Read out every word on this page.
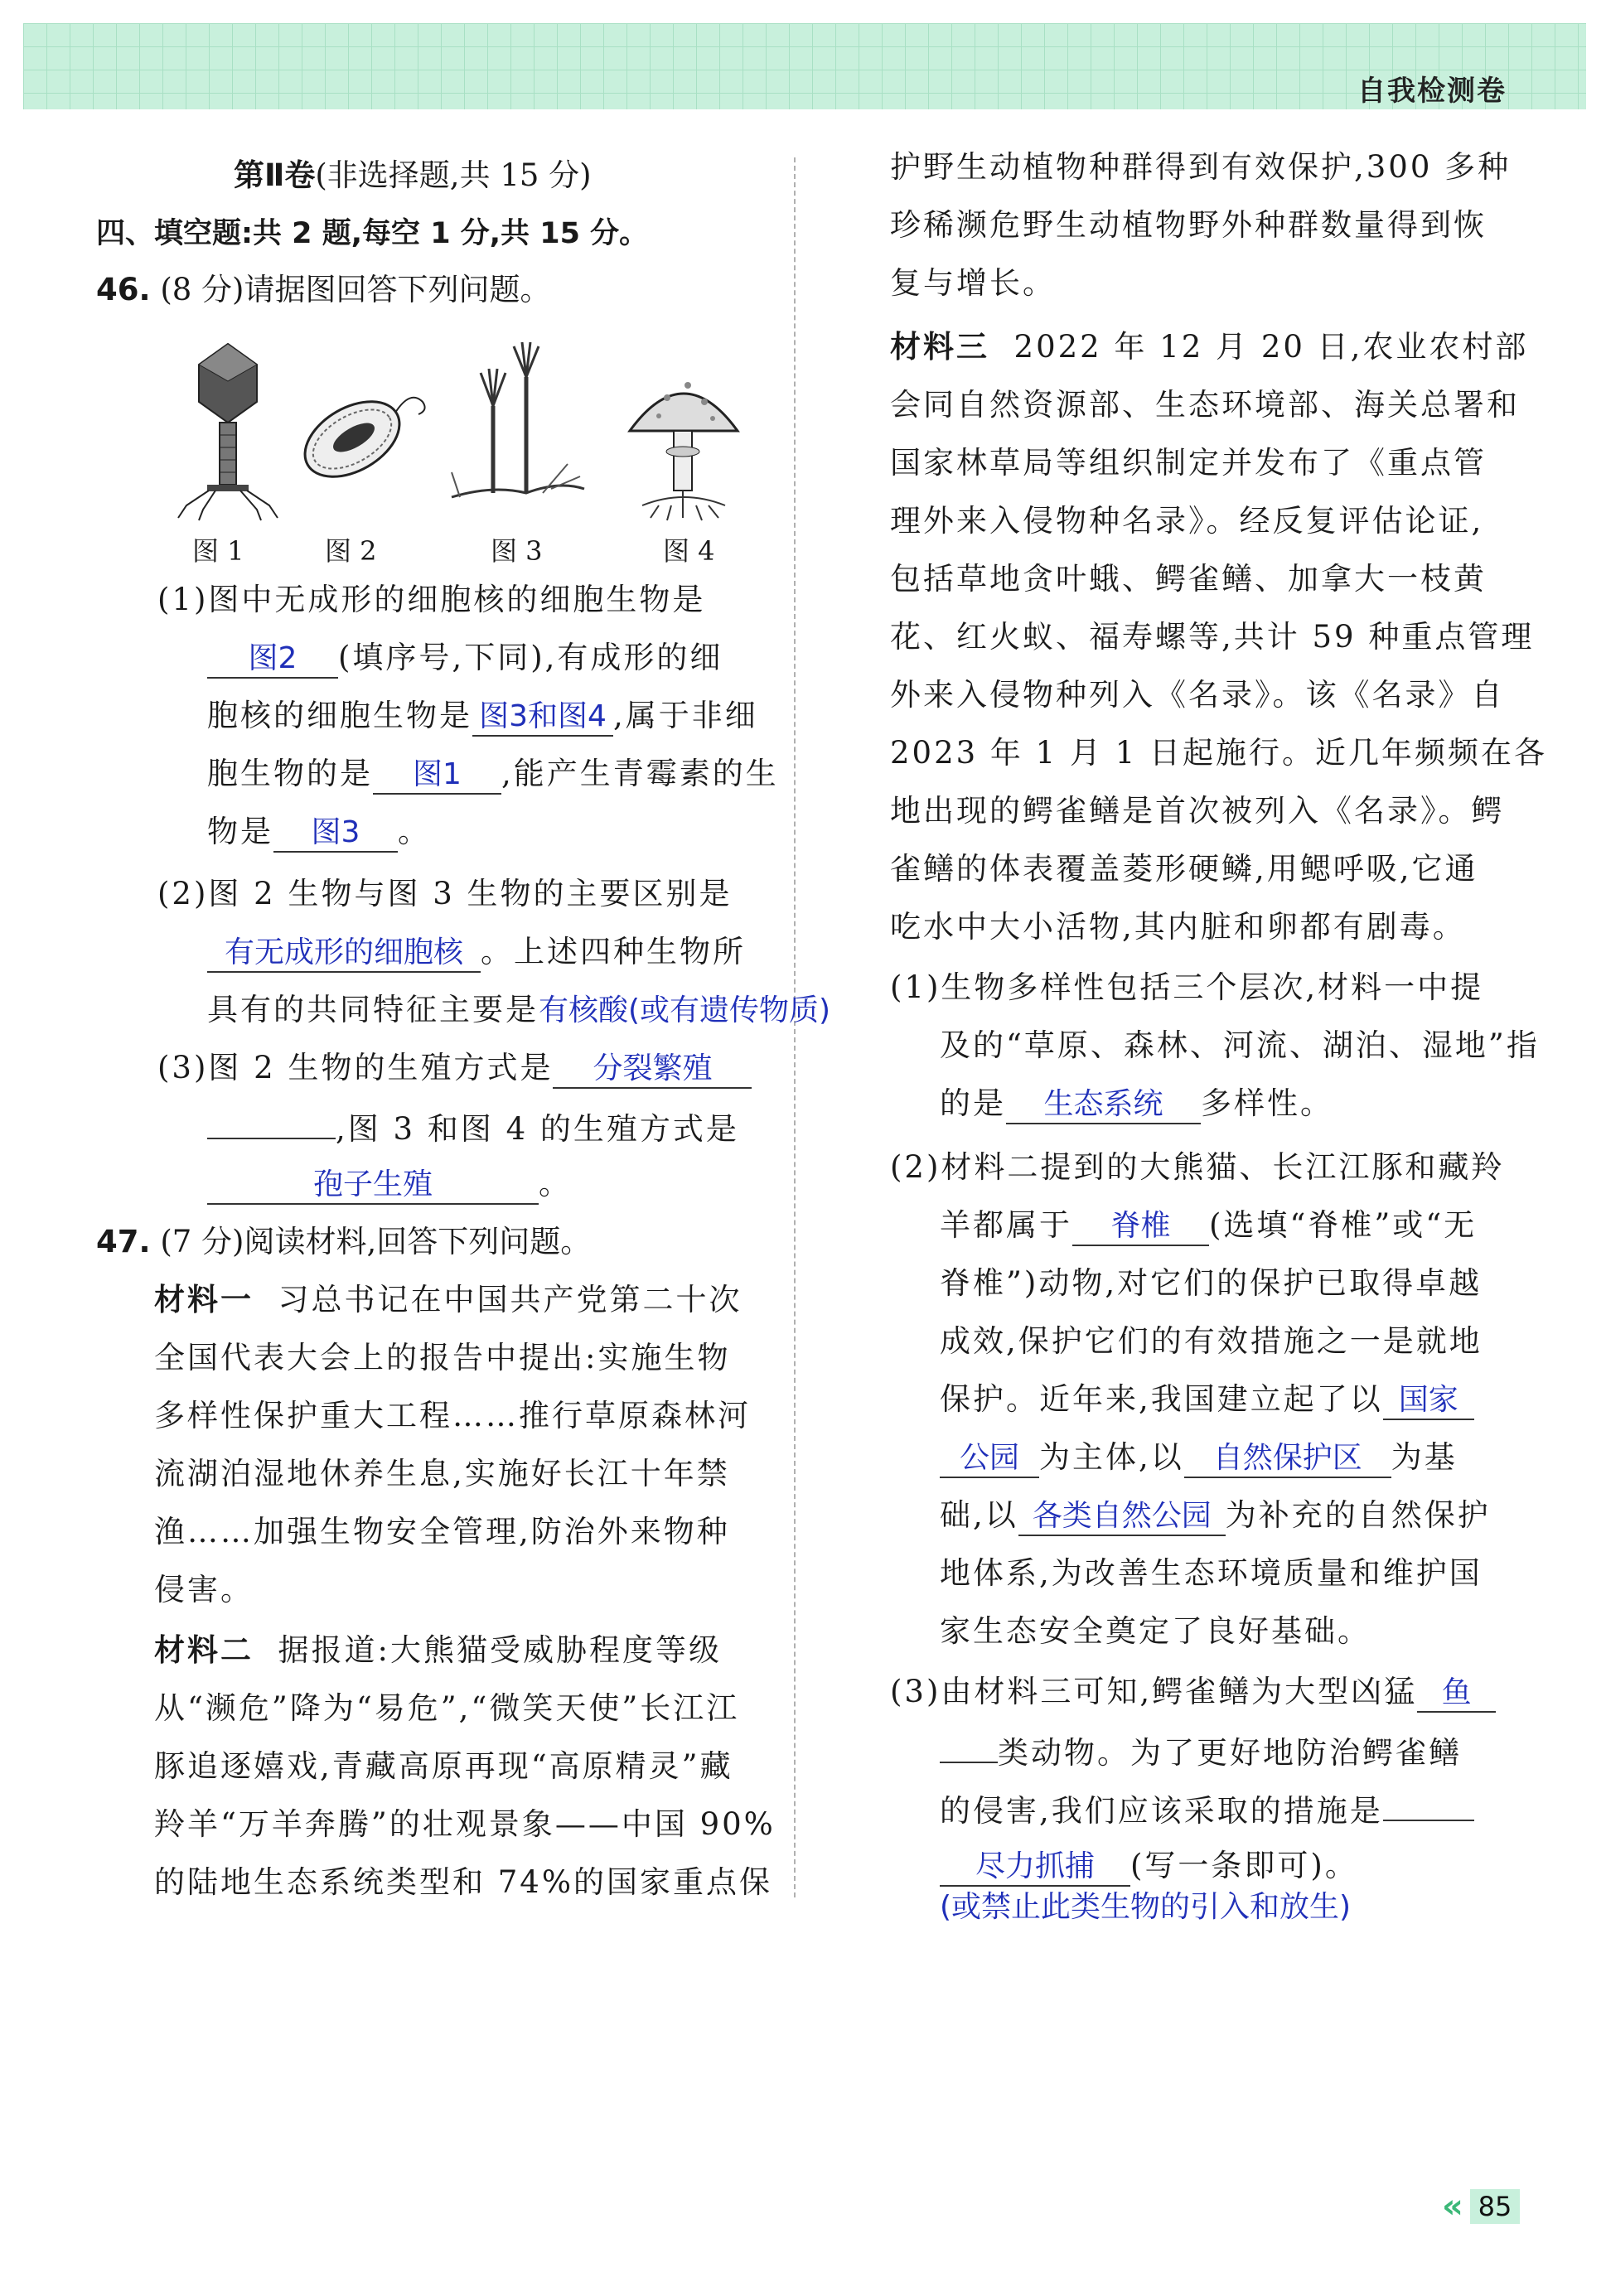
自我检测卷
第Ⅱ卷(非选择题,共 15 分)
四、填空题:共 2 题,每空 1 分,共 15 分。
46. (8 分)请据图回答下列问题。
图 1	图 2	图 3	图 4
(1)图中无成形的细胞核的细胞生物是
图2 (填序号,下同),有成形的细
胞核的细胞生物是 图3和图4 ,属于非细
胞生物的是 图1 ,能产生青霉素的生
物是 图3 。
(2)图 2 生物与图 3 生物的主要区别是
有无成形的细胞核 。上述四种生物所
具有的共同特征主要是有核酸(或有遗传物质)
(3)图 2 生物的生殖方式是 分裂繁殖
,图 3 和图 4 的生殖方式是
孢子生殖	。
47. (7 分)阅读材料,回答下列问题。
材料一 习总书记在中国共产党第二十次
全国代表大会上的报告中提出:实施生物
多样性保护重大工程……推行草原森林河
流湖泊湿地休养生息,实施好长江十年禁
渔……加强生物安全管理,防治外来物种
侵害。
材料二 据报道:大熊猫受威胁程度等级
从“濒危”降为“易危”,“微笑天使”长江江
豚追逐嬉戏,青藏高原再现“高原精灵”藏
羚羊“万羊奔腾”的壮观景象——中国 90%
的陆地生态系统类型和 74%的国家重点保
护野生动植物种群得到有效保护,300 多种
珍稀濒危野生动植物野外种群数量得到恢
复与增长。
材料三 2022 年 12 月 20 日,农业农村部
会同自然资源部、生态环境部、海关总署和
国家林草局等组织制定并发布了《重点管
理外来入侵物种名录》。经反复评估论证,
包括草地贪叶蛾、鳄雀鳝、加拿大一枝黄
花、红火蚁、福寿螺等,共计 59 种重点管理
外来入侵物种列入《名录》。该《名录》自
2023 年 1 月 1 日起施行。近几年频频在各
地出现的鳄雀鳝是首次被列入《名录》。鳄
雀鳝的体表覆盖菱形硬鳞,用鳃呼吸,它通
吃水中大小活物,其内脏和卵都有剧毒。
(1)生物多样性包括三个层次,材料一中提
及的“草原、森林、河流、湖泊、湿地”指
的是 生态系统 多样性。
(2)材料二提到的大熊猫、长江江豚和藏羚
羊都属于 脊椎 (选填“脊椎”或“无
脊椎”)动物,对它们的保护已取得卓越
成效,保护它们的有效措施之一是就地
保护。近年来,我国建立起了以 国家
公园 为主体,以 自然保护区 为基
础,以 各类自然公园 为补充的自然保护
地体系,为改善生态环境质量和维护国
家生态安全奠定了良好基础。
(3)由材料三可知,鳄雀鳝为大型凶猛 鱼
类动物。为了更好地防治鳄雀鳝
的侵害,我们应该采取的措施是
尽力抓捕 (写一条即可)。
(或禁止此类生物的引入和放生)
« 85
